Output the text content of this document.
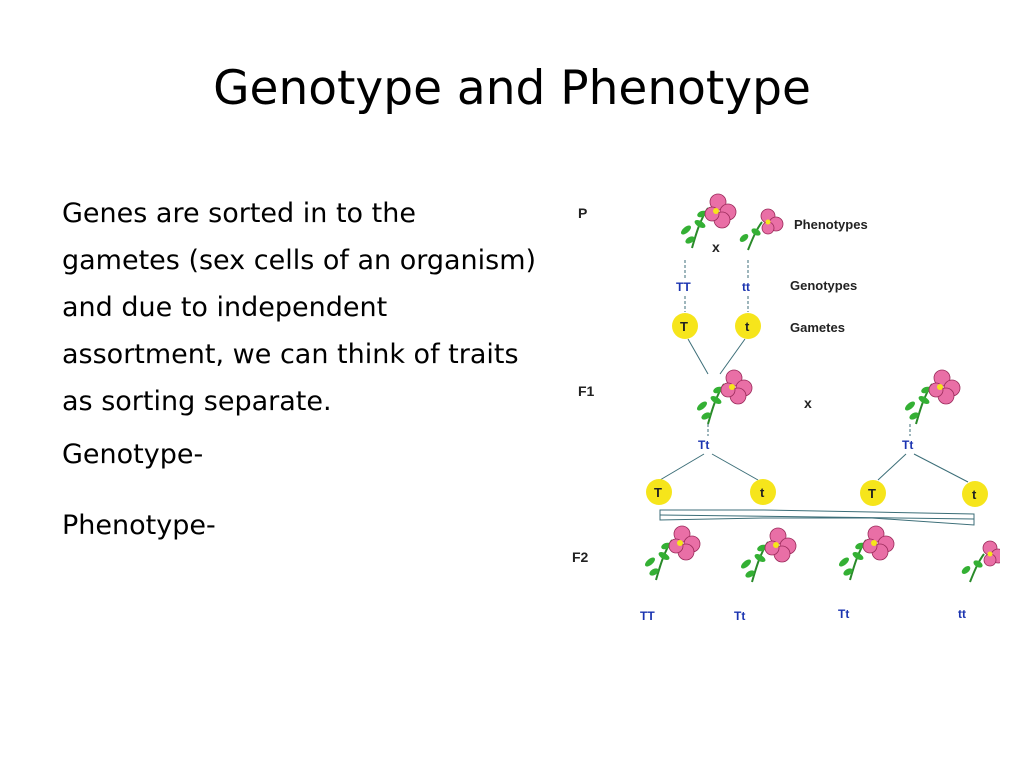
Genotype and Phenotype

Genes are sorted in to the gametes (sex cells of an organism) and due to independent assortment, we can think of traits as sorting separate.

Genotype-

Phenotype-

P
F1
F2
Phenotypes
Genotypes
Gametes
x
TT	tt
T	t
x
Tt	Tt
T	t	T	t
TT	Tt	Tt	tt
